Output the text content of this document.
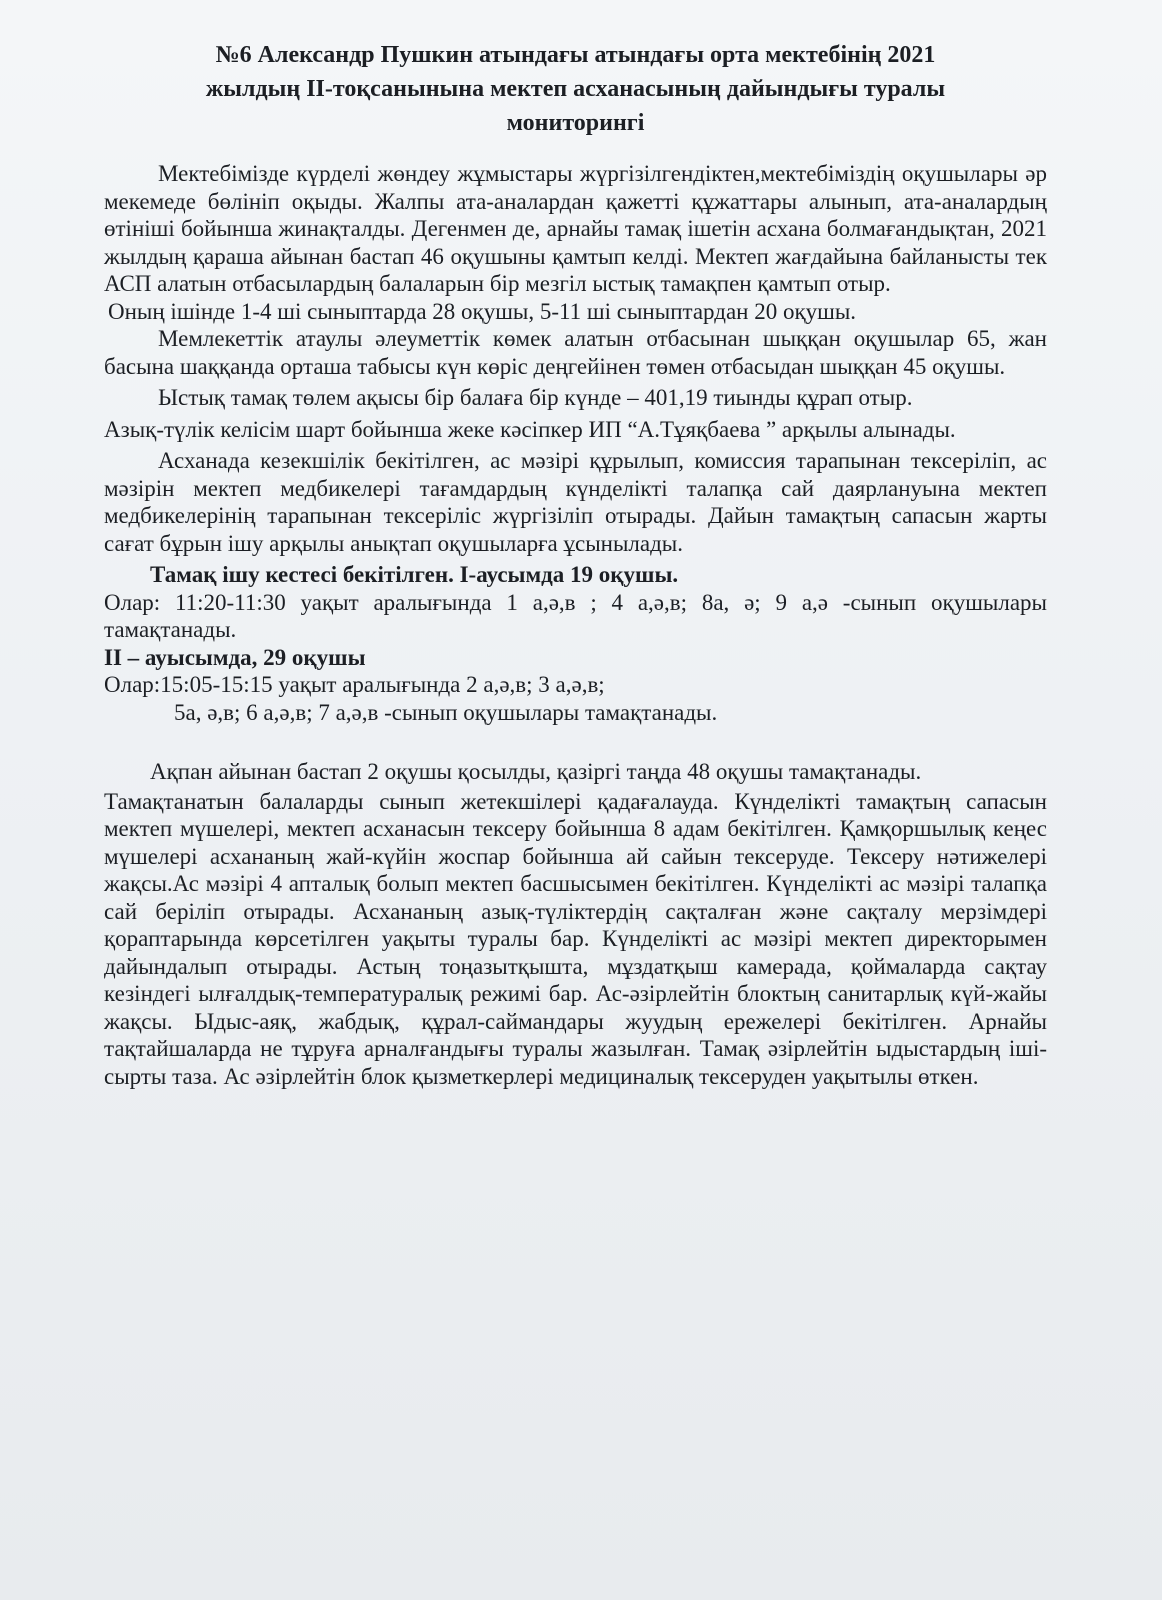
№6 Александр Пушкин атындағы атындағы орта мектебінің 2021
жылдың II-тоқсанынына мектеп асханасының дайындығы туралы
мониторингі

Мектебімізде күрделі жөндеу жұмыстары жүргізілгендіктен,мектебіміздің оқушылары әр мекемеде бөлініп оқыды. Жалпы ата-аналардан қажетті құжаттары алынып, ата-аналардың өтініші бойынша жинақталды. Дегенмен де, арнайы тамақ ішетін асхана болмағандықтан, 2021 жылдың қараша айынан бастап 46 оқушыны қамтып келді. Мектеп жағдайына байланысты тек АСП алатын отбасылардың балаларын бір мезгіл ыстық тамақпен қамтып отыр.

Оның ішінде 1-4 ші сыныптарда 28 оқушы, 5-11 ші сыныптардан 20 оқушы.

Мемлекеттік атаулы әлеуметтік көмек алатын отбасынан шыққан оқушылар 65, жан басына шаққанда орташа табысы күн көріс деңгейінен төмен отбасыдан шыққан 45 оқушы.

Ыстық тамақ төлем ақысы бір балаға бір күнде – 401,19 тиынды құрап отыр.

Азық-түлік келісім шарт бойынша жеке кәсіпкер ИП “А.Тұяқбаева ” арқылы алынады.

Асханада кезекшілік бекітілген, ас мәзірі құрылып, комиссия тарапынан тексеріліп, ас мәзірін мектеп медбикелері тағамдардың күнделікті талапқа сай даярлануына мектеп медбикелерінің тарапынан тексеріліс жүргізіліп отырады. Дайын тамақтың сапасын жарты сағат бұрын ішу арқылы анықтап оқушыларға ұсынылады.

Тамақ ішу кестесі бекітілген. I-аусымда 19 оқушы.

Олар: 11:20-11:30 уақыт аралығында 1 а,ә,в ; 4 а,ә,в; 8а, ә; 9 а,ә -сынып оқушылары тамақтанады.

II – ауысымда, 29 оқушы

Олар:15:05-15:15 уақыт аралығында 2 а,ә,в; 3 а,ә,в;

5а, ә,в; 6 а,ә,в; 7 а,ә,в -сынып оқушылары тамақтанады.

Ақпан айынан бастап 2 оқушы қосылды, қазіргі таңда 48 оқушы тамақтанады.

Тамақтанатын балаларды сынып жетекшілері қадағалауда. Күнделікті тамақтың сапасын мектеп мүшелері, мектеп асханасын тексеру бойынша 8 адам бекітілген. Қамқоршылық кеңес мүшелері асхананың жай-күйін жоспар бойынша ай сайын тексеруде. Тексеру нәтижелері жақсы.Ас мәзірі 4 апталық болып мектеп басшысымен бекітілген. Күнделікті ас мәзірі талапқа сай беріліп отырады. Асхананың азық-түліктердің сақталған және сақталу мерзімдері қораптарында көрсетілген уақыты туралы бар. Күнделікті ас мәзірі мектеп директорымен дайындалып отырады. Астың тоңазытқышта, мұздатқыш камерада, қоймаларда сақтау кезіндегі ылғалдық-температуралық режимі бар. Ас-әзірлейтін блоктың санитарлық күй-жайы жақсы. Ыдыс-аяқ, жабдық, құрал-саймандары жуудың ережелері бекітілген. Арнайы тақтайшаларда не тұруға арналғандығы туралы жазылған. Тамақ әзірлейтін ыдыстардың іші-сырты таза. Ас әзірлейтін блок қызметкерлері медициналық тексеруден уақытылы өткен.
